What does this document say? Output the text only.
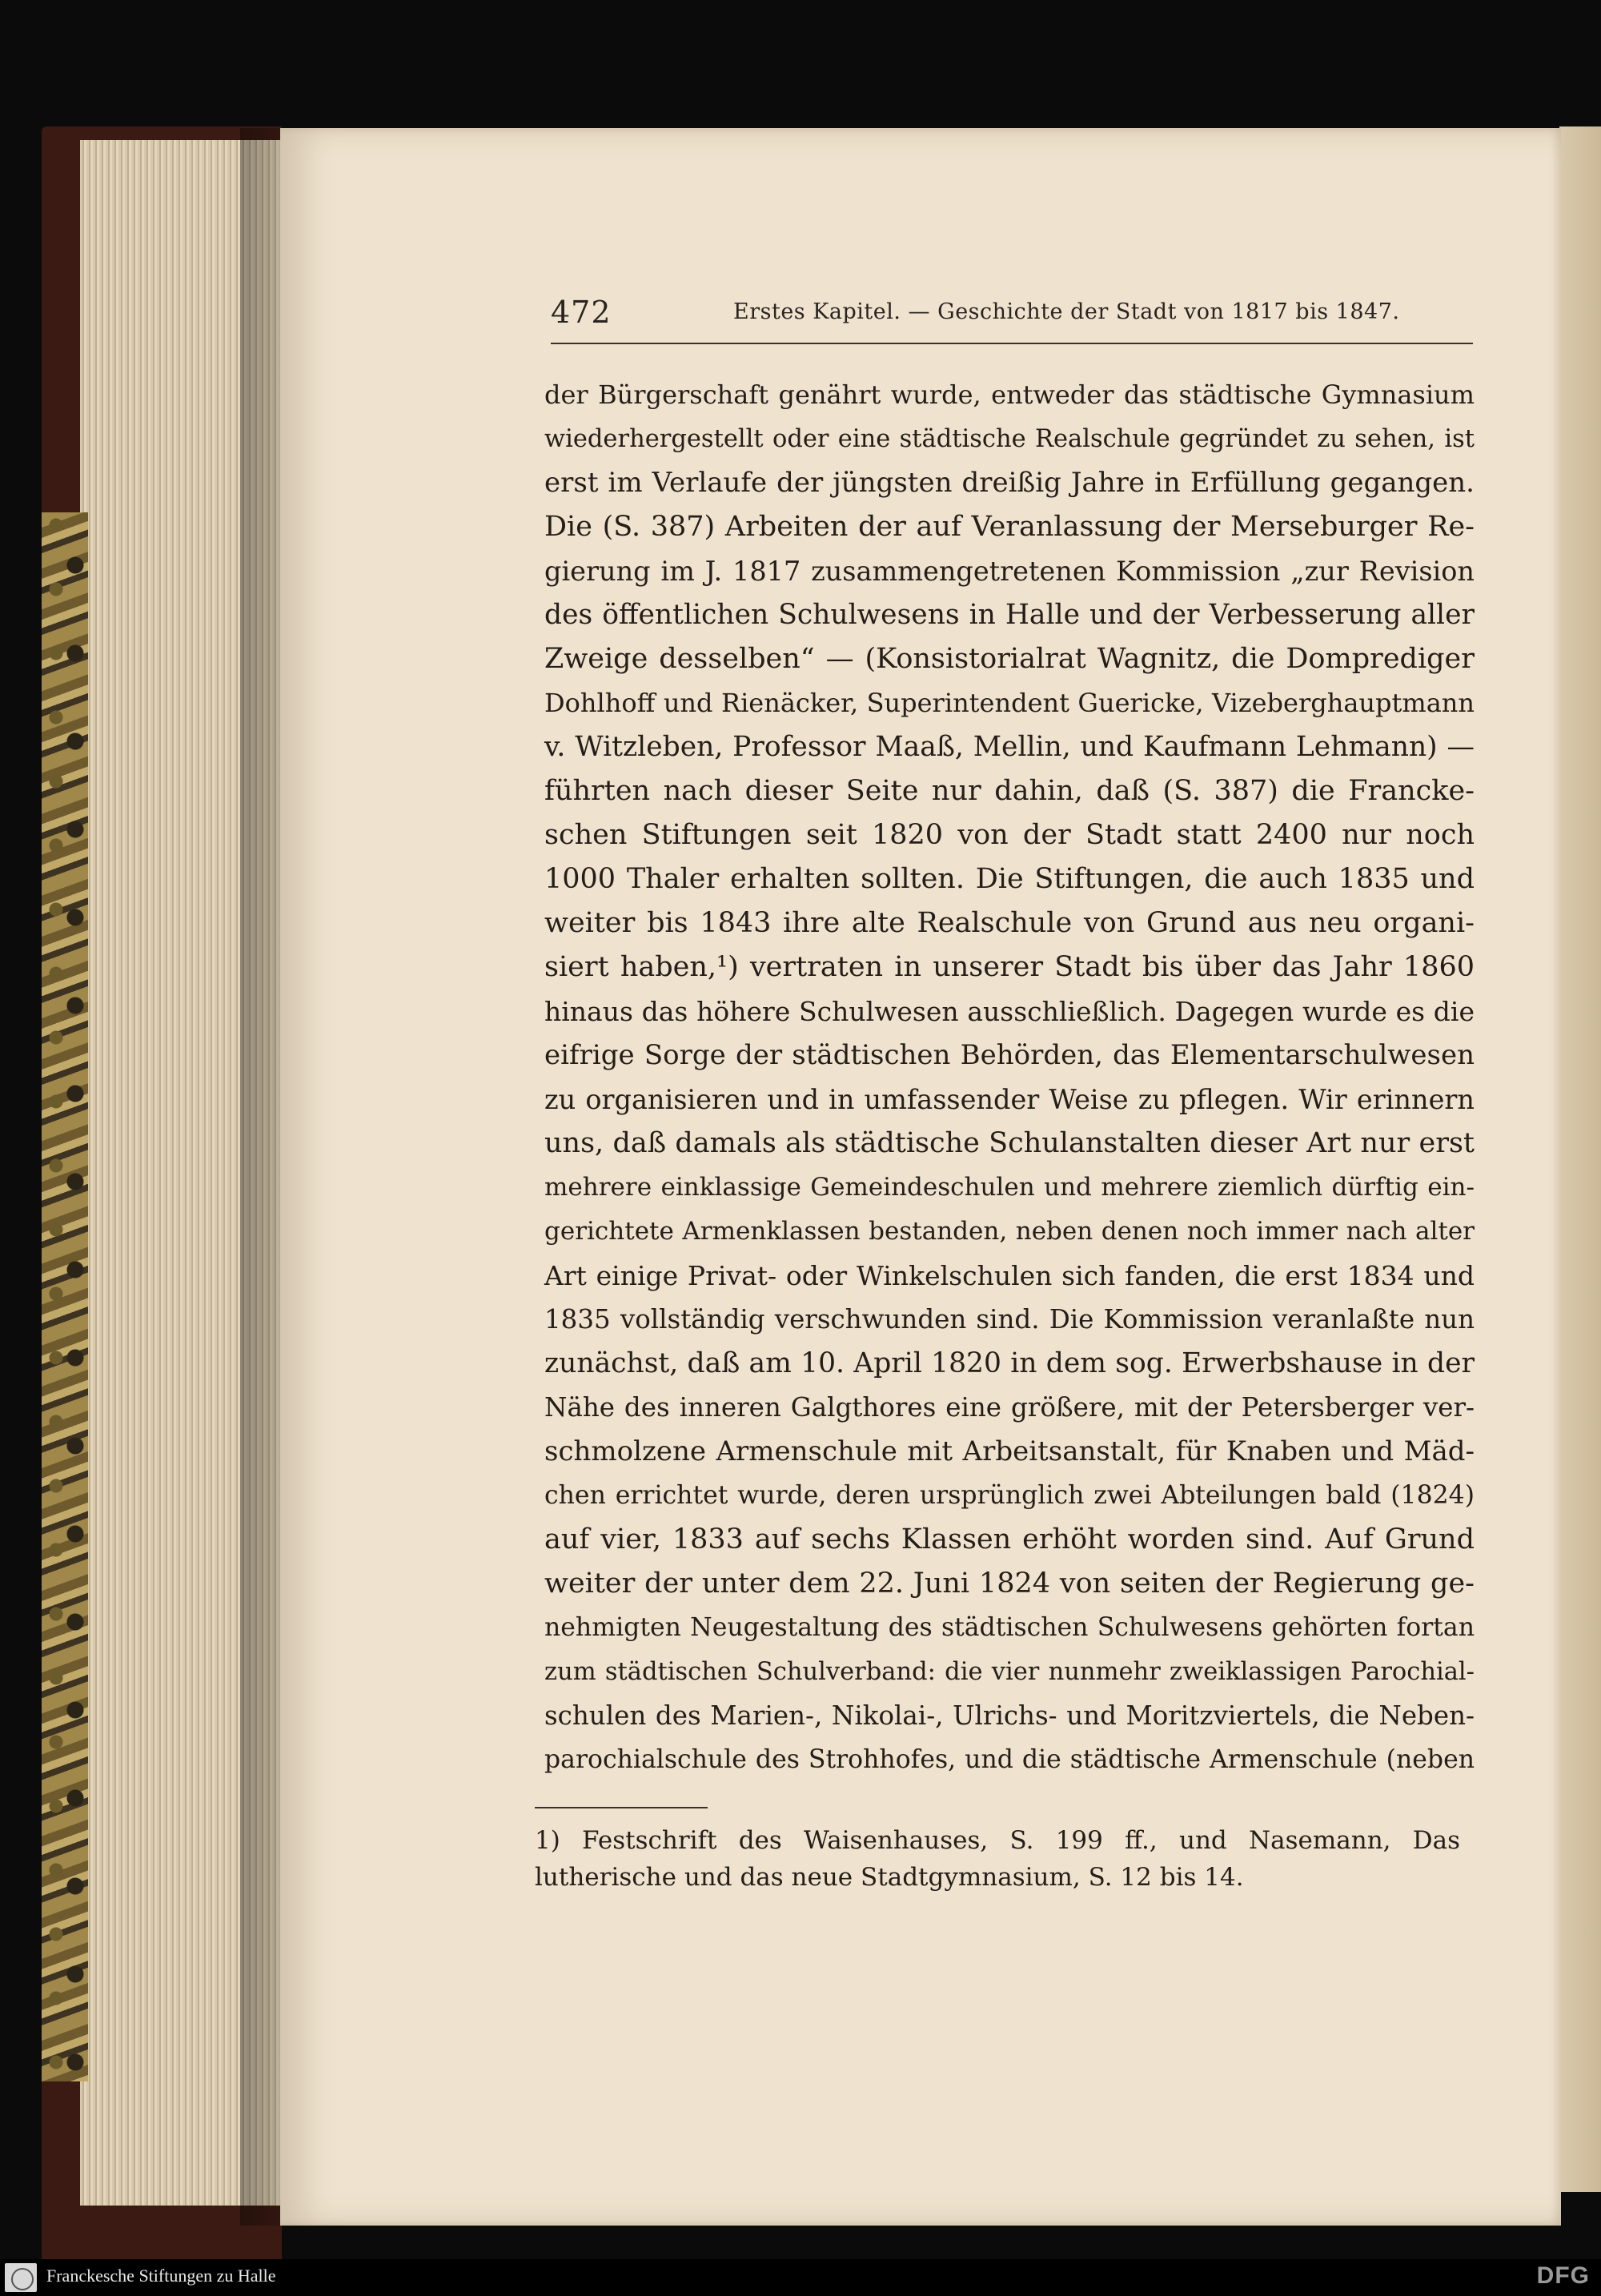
472	Erstes Kapitel. — Geschichte der Stadt von 1817 bis 1847.
der Bürgerschaft genährt wurde, entweder das städtische Gymnasium
wiederhergestellt oder eine städtische Realschule gegründet zu sehen, ist
erst im Verlaufe der jüngsten dreißig Jahre in Erfüllung gegangen.
Die (S. 387) Arbeiten der auf Veranlassung der Merseburger Re-
gierung im J. 1817 zusammengetretenen Kommission „zur Revision
des öffentlichen Schulwesens in Halle und der Verbesserung aller
Zweige desselben“ — (Konsistorialrat Wagnitz, die Domprediger
Dohlhoff und Rienäcker, Superintendent Guericke, Vizeberghauptmann
v. Witzleben, Professor Maaß, Mellin, und Kaufmann Lehmann) —
führten nach dieser Seite nur dahin, daß (S. 387) die Francke-
schen Stiftungen seit 1820 von der Stadt statt 2400 nur noch
1000 Thaler erhalten sollten. Die Stiftungen, die auch 1835 und
weiter bis 1843 ihre alte Realschule von Grund aus neu organi-
siert haben,¹) vertraten in unserer Stadt bis über das Jahr 1860
hinaus das höhere Schulwesen ausschließlich. Dagegen wurde es die
eifrige Sorge der städtischen Behörden, das Elementarschulwesen
zu organisieren und in umfassender Weise zu pflegen. Wir erinnern
uns, daß damals als städtische Schulanstalten dieser Art nur erst
mehrere einklassige Gemeindeschulen und mehrere ziemlich dürftig ein-
gerichtete Armenklassen bestanden, neben denen noch immer nach alter
Art einige Privat- oder Winkelschulen sich fanden, die erst 1834 und
1835 vollständig verschwunden sind. Die Kommission veranlaßte nun
zunächst, daß am 10. April 1820 in dem sog. Erwerbshause in der
Nähe des inneren Galgthores eine größere, mit der Petersberger ver-
schmolzene Armenschule mit Arbeitsanstalt, für Knaben und Mäd-
chen errichtet wurde, deren ursprünglich zwei Abteilungen bald (1824)
auf vier, 1833 auf sechs Klassen erhöht worden sind. Auf Grund
weiter der unter dem 22. Juni 1824 von seiten der Regierung ge-
nehmigten Neugestaltung des städtischen Schulwesens gehörten fortan
zum städtischen Schulverband: die vier nunmehr zweiklassigen Parochial-
schulen des Marien-, Nikolai-, Ulrichs- und Moritzviertels, die Neben-
parochialschule des Strohhofes, und die städtische Armenschule (neben
1) Festschrift des Waisenhauses, S. 199 ff., und Nasemann, Das
lutherische und das neue Stadtgymnasium, S. 12 bis 14.
Franckesche Stiftungen zu Halle	DFG
